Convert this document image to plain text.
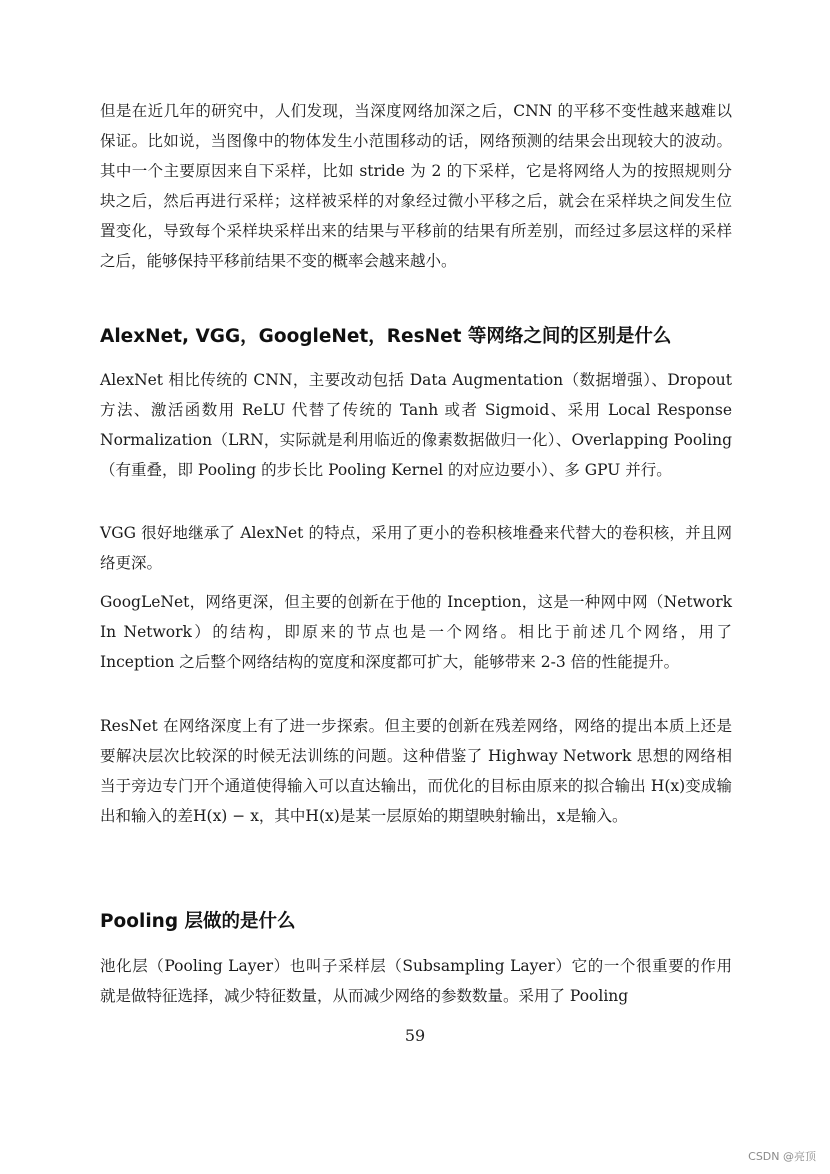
但是在近几年的研究中，人们发现，当深度网络加深之后，CNN 的平移不变性越来越难以保证。比如说，当图像中的物体发生小范围移动的话，网络预测的结果会出现较大的波动。其中一个主要原因来自下采样，比如 stride 为 2 的下采样，它是将网络人为的按照规则分块之后，然后再进行采样；这样被采样的对象经过微小平移之后，就会在采样块之间发生位置变化，导致每个采样块采样出来的结果与平移前的结果有所差别，而经过多层这样的采样之后，能够保持平移前结果不变的概率会越来越小。

AlexNet, VGG，GoogleNet，ResNet 等网络之间的区别是什么

AlexNet 相比传统的 CNN，主要改动包括 Data Augmentation（数据增强）、Dropout 方法、激活函数用 ReLU 代替了传统的 Tanh 或者 Sigmoid、采用 Local Response Normalization（LRN，实际就是利用临近的像素数据做归一化）、Overlapping Pooling（有重叠，即 Pooling 的步长比 Pooling Kernel 的对应边要小）、多 GPU 并行。

VGG 很好地继承了 AlexNet 的特点，采用了更小的卷积核堆叠来代替大的卷积核，并且网络更深。

GoogLeNet，网络更深，但主要的创新在于他的 Inception，这是一种网中网（Network In Network）的结构，即原来的节点也是一个网络。相比于前述几个网络，用了 Inception 之后整个网络结构的宽度和深度都可扩大，能够带来 2-3 倍的性能提升。

ResNet 在网络深度上有了进一步探索。但主要的创新在残差网络，网络的提出本质上还是要解决层次比较深的时候无法训练的问题。这种借鉴了 Highway Network 思想的网络相当于旁边专门开个通道使得输入可以直达输出，而优化的目标由原来的拟合输出 H(x)变成输出和输入的差H(x) − x，其中H(x)是某一层原始的期望映射输出，x是输入。

Pooling 层做的是什么

池化层（Pooling Layer）也叫子采样层（Subsampling Layer）它的一个很重要的作用就是做特征选择，减少特征数量，从而减少网络的参数数量。采用了 Pooling

59
CSDN @亮顶
